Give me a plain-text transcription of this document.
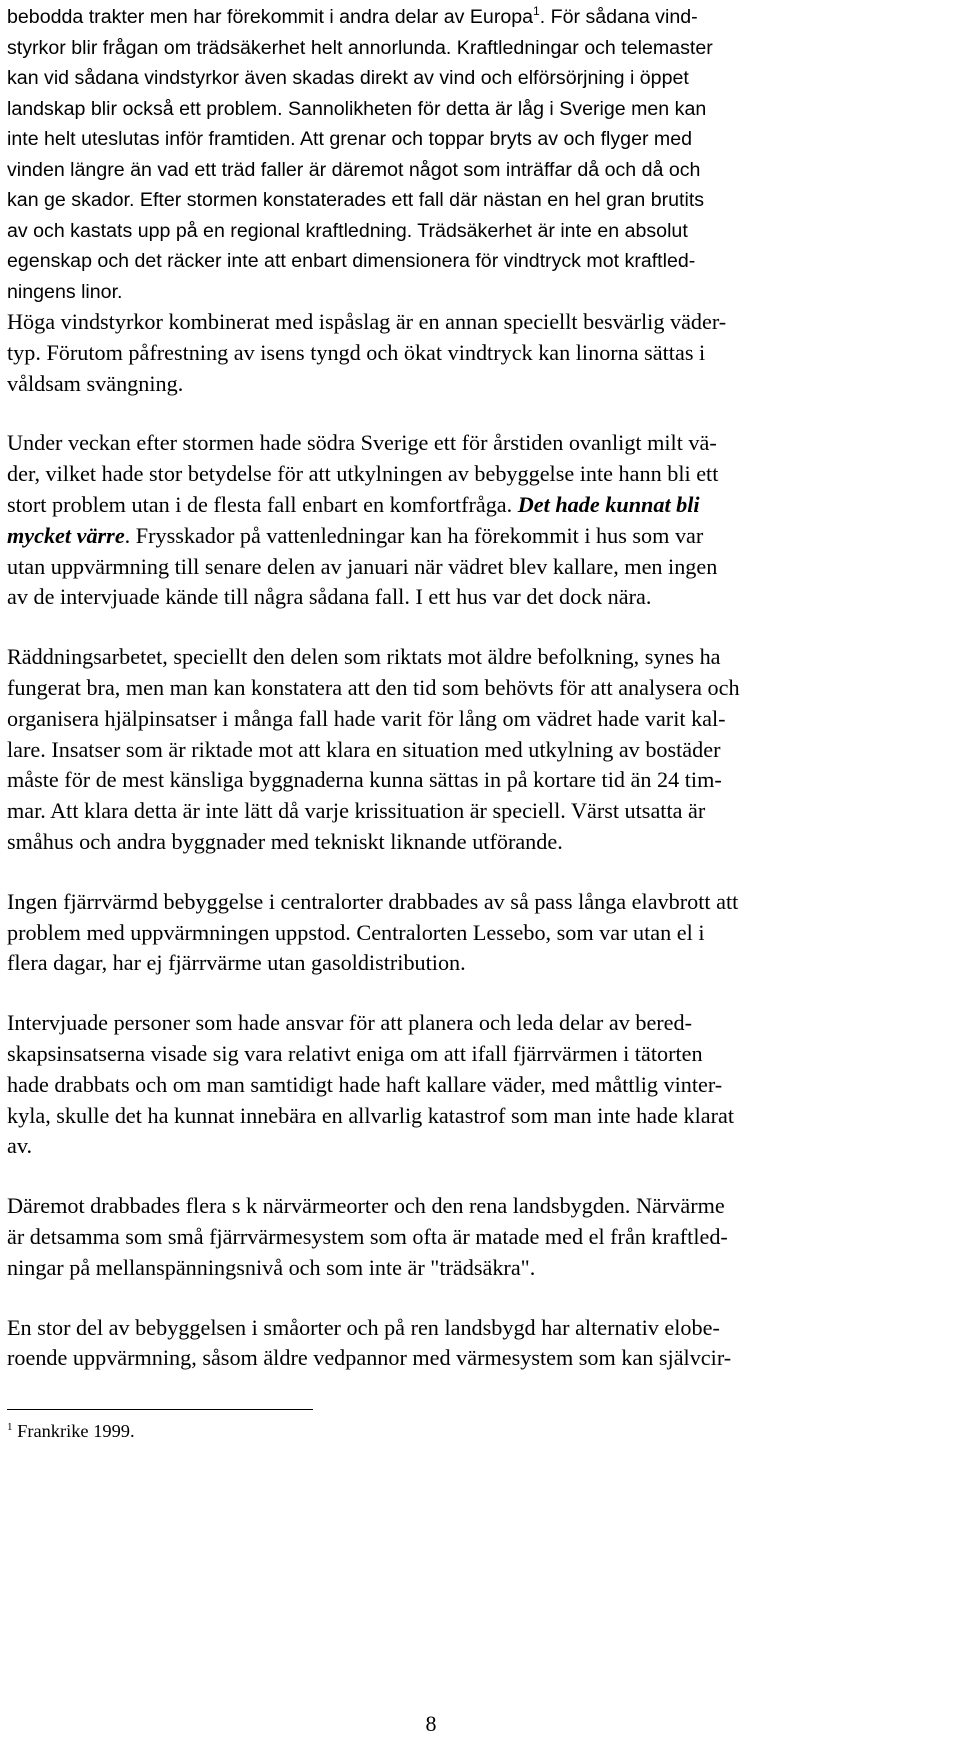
bebodda trakter men har förekommit i andra delar av Europa$^1$. För sådana vind-
styrkor blir frågan om trädsäkerhet helt annorlunda. Kraftledningar och telemaster
kan vid sådana vindstyrkor även skadas direkt av vind och elförsörjning i öppet
landskap blir också ett problem. Sannolikheten för detta är låg i Sverige men kan
inte helt uteslutas inför framtiden. Att grenar och toppar bryts av och flyger med
vinden längre än vad ett träd faller är däremot något som inträffar då och då och
kan ge skador. Efter stormen konstaterades ett fall där nästan en hel gran brutits
av och kastats upp på en regional kraftledning. Trädsäkerhet är inte en absolut
egenskap och det räcker inte att enbart dimensionera för vindtryck mot kraftled-
ningens linor.

Höga vindstyrkor kombinerat med ispåslag är en annan speciellt besvärlig väder-
typ. Förutom påfrestning av isens tyngd och ökat vindtryck kan linorna sättas i
våldsam svängning.

Under veckan efter stormen hade södra Sverige ett för årstiden ovanligt milt vä-
der, vilket hade stor betydelse för att utkylningen av bebyggelse inte hann bli ett
stort problem utan i de flesta fall enbart en komfortfråga. Det hade kunnat bli
mycket värre. Frysskador på vattenledningar kan ha förekommit i hus som var
utan uppvärmning till senare delen av januari när vädret blev kallare, men ingen
av de intervjuade kände till några sådana fall. I ett hus var det dock nära.

Räddningsarbetet, speciellt den delen som riktats mot äldre befolkning, synes ha
fungerat bra, men man kan konstatera att den tid som behövts för att analysera och
organisera hjälpinsatser i många fall hade varit för lång om vädret hade varit kal-
lare. Insatser som är riktade mot att klara en situation med utkylning av bostäder
måste för de mest känsliga byggnaderna kunna sättas in på kortare tid än 24 tim-
mar. Att klara detta är inte lätt då varje krissituation är speciell. Värst utsatta är
småhus och andra byggnader med tekniskt liknande utförande.

Ingen fjärrvärmd bebyggelse i centralorter drabbades av så pass långa elavbrott att
problem med uppvärmningen uppstod. Centralorten Lessebo, som var utan el i
flera dagar, har ej fjärrvärme utan gasoldistribution.

Intervjuade personer som hade ansvar för att planera och leda delar av bered-
skapsinsatserna visade sig vara relativt eniga om att ifall fjärrvärmen i tätorten
hade drabbats och om man samtidigt hade haft kallare väder, med måttlig vinter-
kyla, skulle det ha kunnat innebära en allvarlig katastrof som man inte hade klarat
av.

Däremot drabbades flera s k närvärmeorter och den rena landsbygden. Närvärme
är detsamma som små fjärrvärmesystem som ofta är matade med el från kraftled-
ningar på mellanspänningsnivå och som inte är "trädsäkra".

En stor del av bebyggelsen i småorter och på ren landsbygd har alternativ elobe-
roende uppvärmning, såsom äldre vedpannor med värmesystem som kan självcir-

$^1$ Frankrike 1999.
8
